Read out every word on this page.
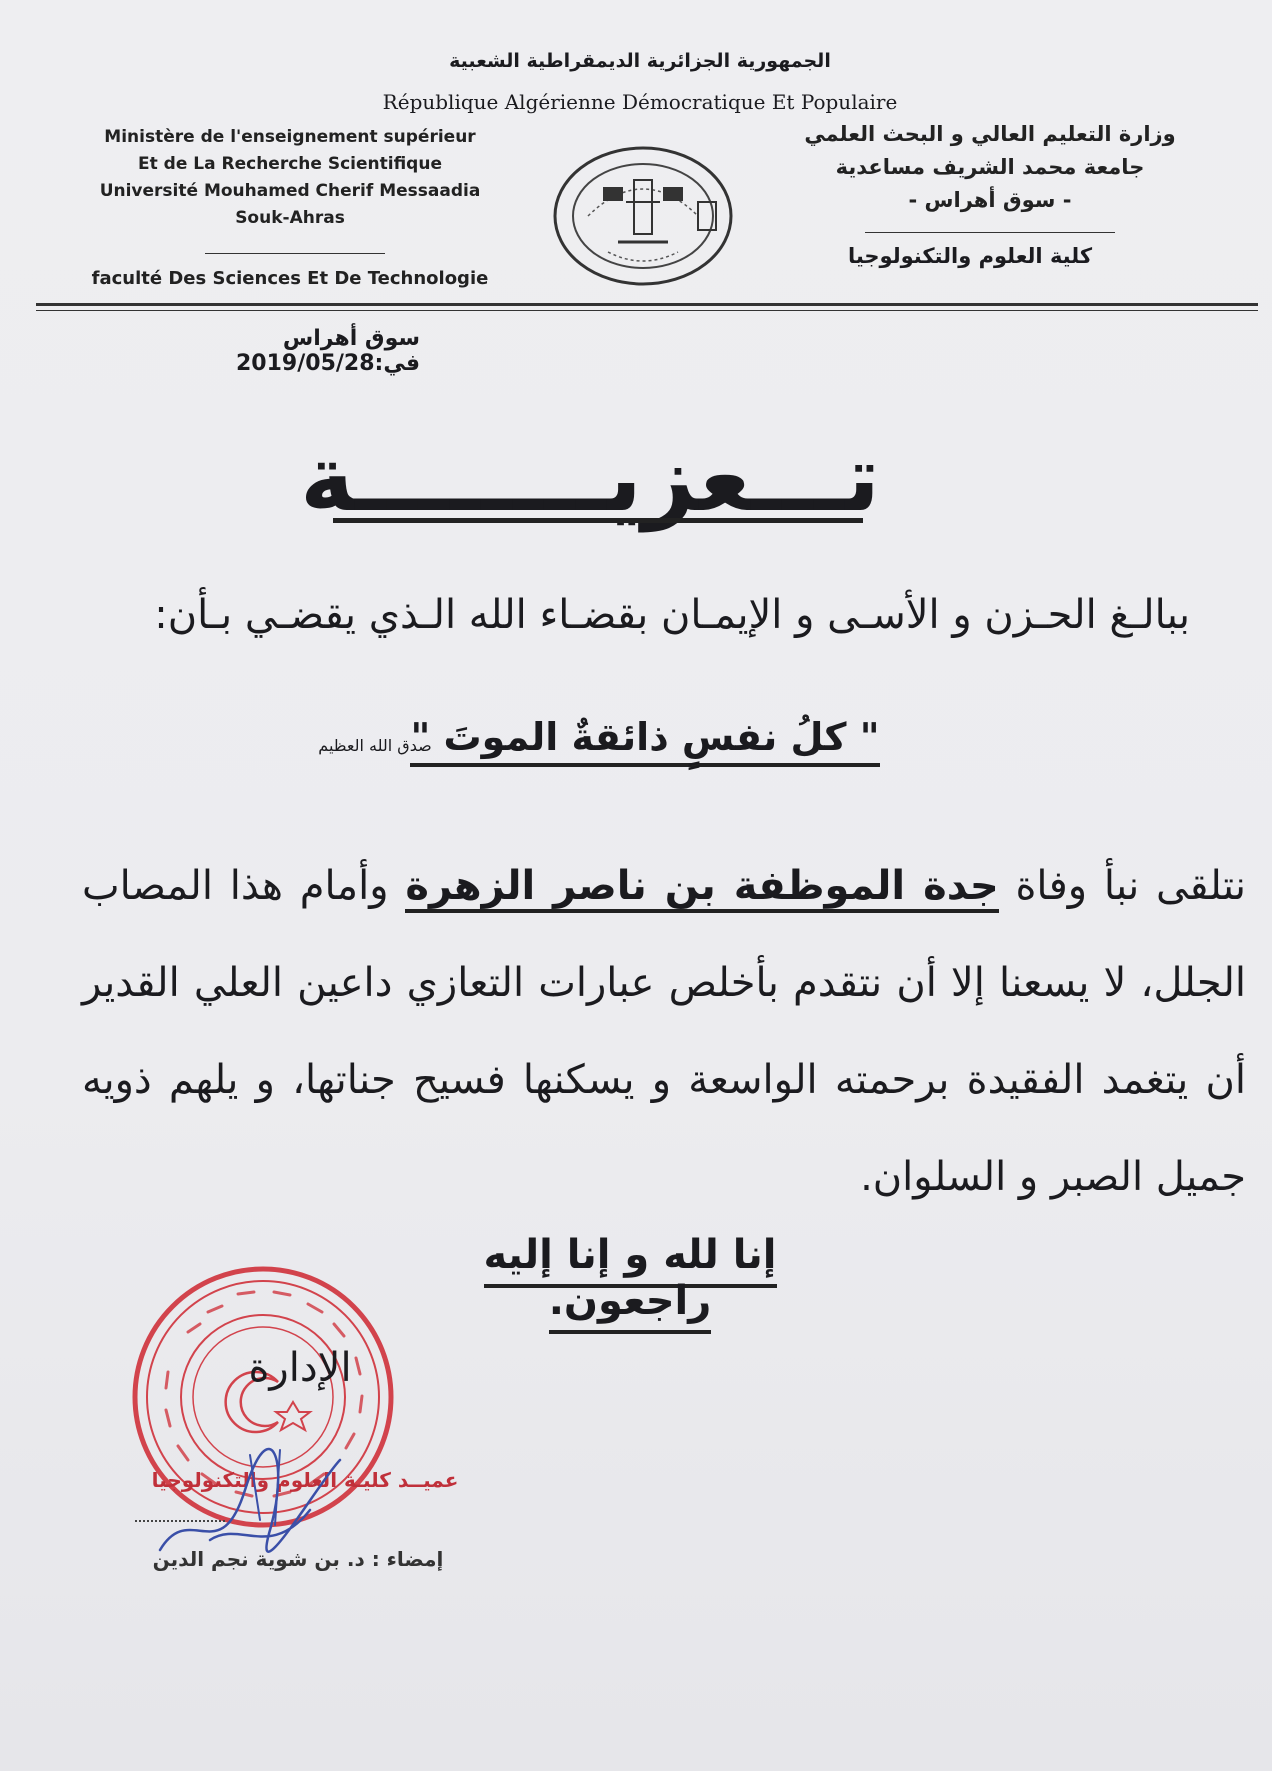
الجمهورية الجزائرية الديمقراطية الشعبية
République Algérienne Démocratique Et Populaire
Ministère de l'enseignement supérieur
Et de La Recherche Scientifique
Université Mouhamed Cherif Messaadia
Souk-Ahras
faculté Des Sciences Et De Technologie
وزارة التعليم العالي و البحث العلمي
جامعة محمد الشريف مساعدية
- سوق أهراس -
كلية العلوم والتكنولوجيا
سوق أهراس في:2019/05/28
تـــعزيــــــــة
ببالـغ الحـزن و الأسـى و الإيمـان بقضـاء الله الـذي يقضـي بـأن:
" كلُ نفسٍ ذائقةٌ الموتَ "
صدق الله العظيم
نتلقى نبأ وفاة جدة الموظفة بن ناصر الزهرة وأمام هذا المصاب الجلل، لا يسعنا إلا أن نتقدم بأخلص عبارات التعازي داعين العلي القدير أن يتغمد الفقيدة برحمته الواسعة و يسكنها فسيح جناتها، و يلهم ذويه جميل الصبر و السلوان.
إنا لله و إنا إليه راجعون.
الإدارة
عميــد كليـة العلوم والتكنولوجيا
إمضاء : د. بن شوية نجم الدين
